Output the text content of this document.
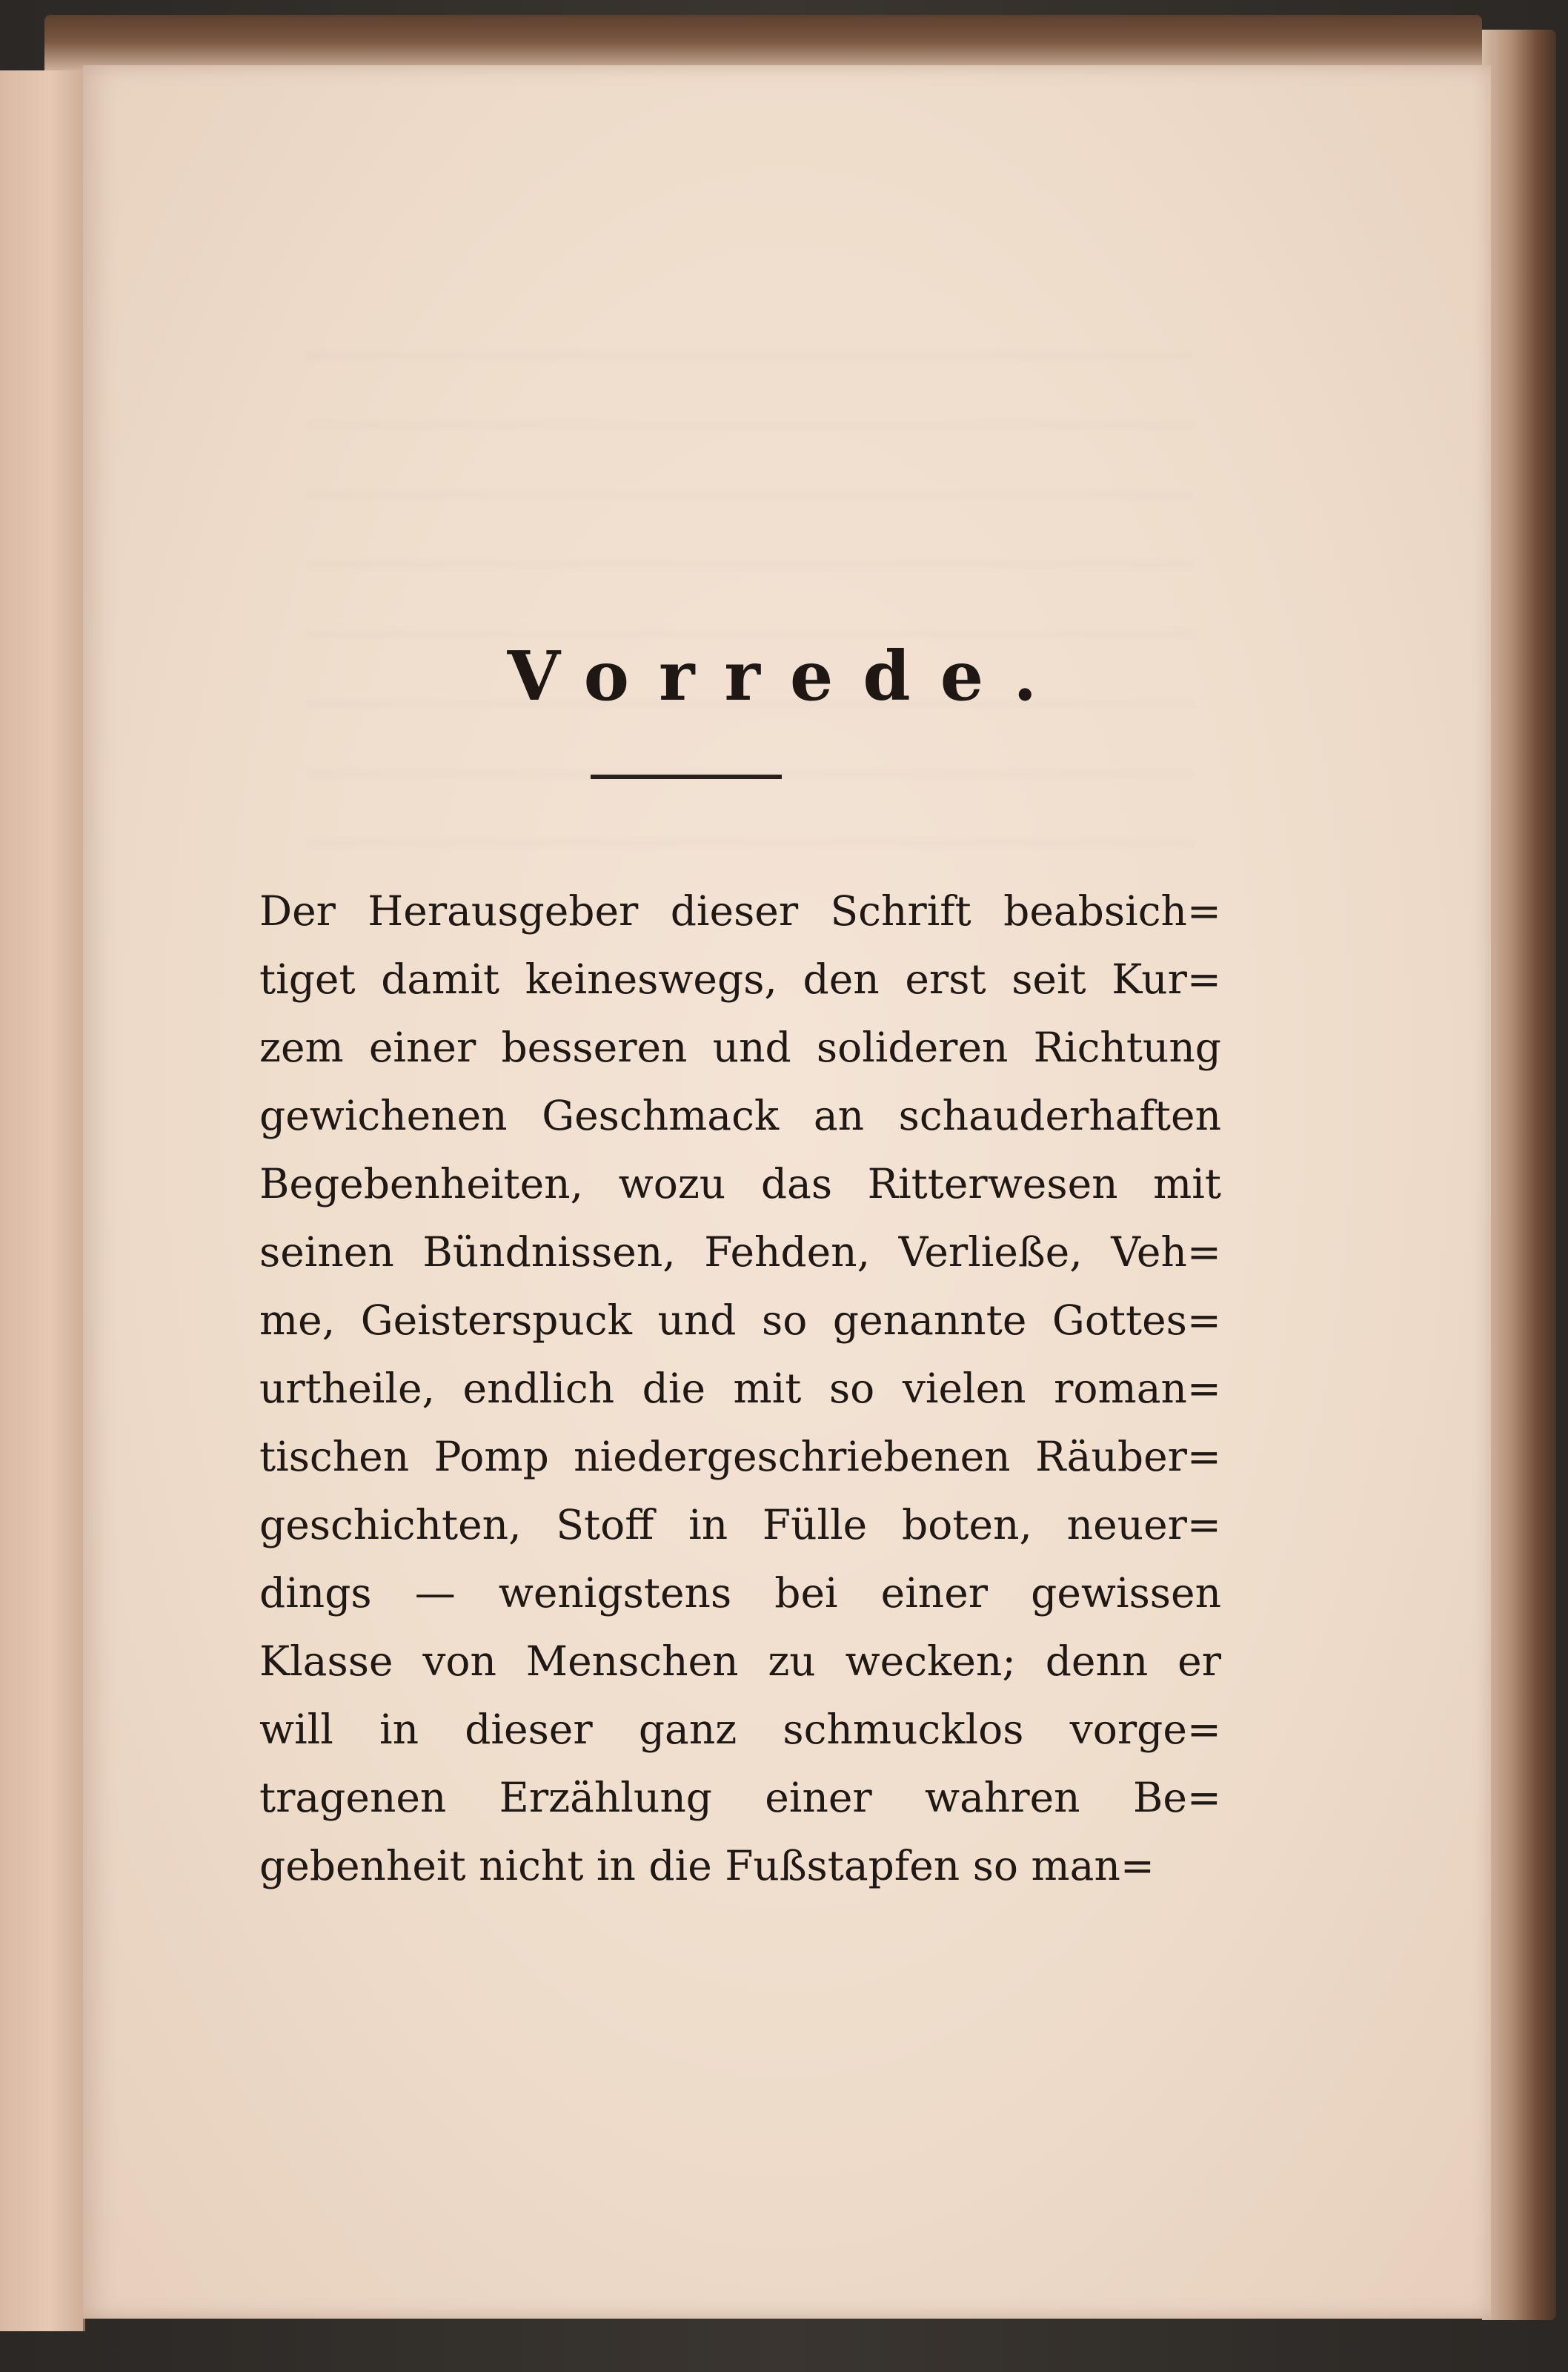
Vorrede.
Der Herausgeber dieser Schrift beabsich=
tiget damit keineswegs, den erst seit Kur=
zem einer besseren und solideren Richtung
gewichenen Geschmack an schauderhaften
Begebenheiten, wozu das Ritterwesen mit
seinen Bündnissen, Fehden, Verließe, Veh=
me, Geisterspuck und so genannte Gottes=
urtheile, endlich die mit so vielen roman=
tischen Pomp niedergeschriebenen Räuber=
geschichten, Stoff in Fülle boten, neuer=
dings — wenigstens bei einer gewissen
Klasse von Menschen zu wecken; denn er
will in dieser ganz schmucklos vorge=
tragenen Erzählung einer wahren Be=
gebenheit nicht in die Fußstapfen so man=
